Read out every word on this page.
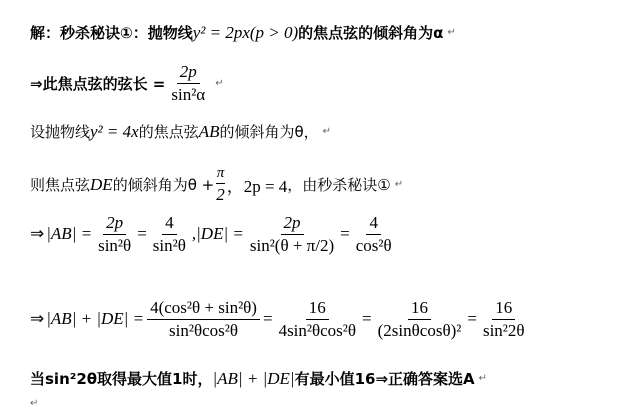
解：秒杀秘诀①：抛物线 y² = 2px(p > 0) 的焦点弦的倾斜角为α ↵
⇒此焦点弦的弦长 = $\frac{2p}{\text{sin²α}}$ ↵
设抛物线 y² = 4x 的焦点弦 AB 的倾斜角为θ， ↵
则焦点弦 DE 的倾斜角为$\theta + \frac{\pi}{2}$ ，2p = 4 ，由秒杀秘诀① ↵
⇒ $|AB| = \frac{2p}{\text{sin²θ}} = \frac{4}{\text{sin²θ}} ,|DE| = \frac{2p}{\text{sin²(θ + π/2)}} = \frac{4}{\text{cos²θ}}$
⇒ $|AB| + |DE| = \frac{\text{4(cos²θ + sin²θ)}}{\text{sin²θcos²θ}} = \frac{16}{\text{4sin²θcos²θ}} = \frac{16}{\text{(2sinθcosθ)²}} = \frac{16}{\text{sin²2θ}}$
当sin²2θ取得最大值1时， |AB| + |DE| 有最小值16⇒正确答案选A ↵
↵
